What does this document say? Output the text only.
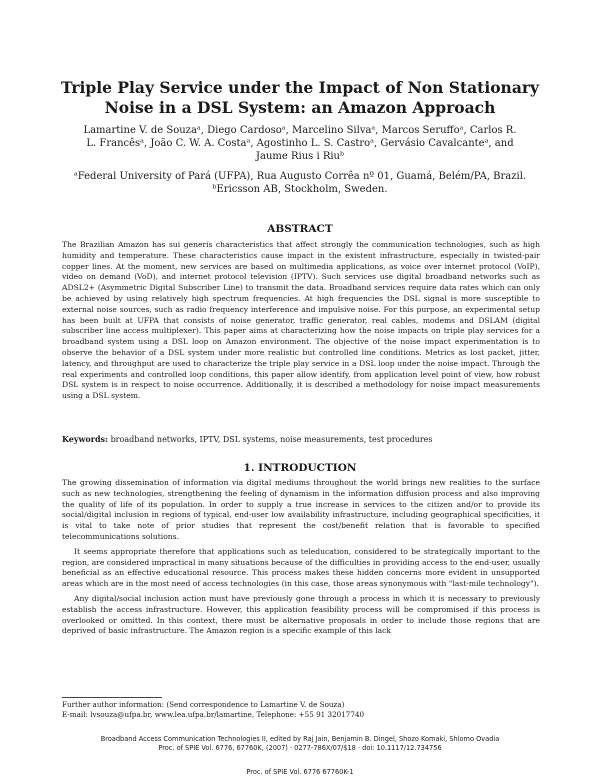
Triple Play Service under the Impact of Non Stationary Noise in a DSL System: an Amazon Approach
Lamartine V. de Souzaᵃ, Diego Cardosoᵃ, Marcelino Silvaᵃ, Marcos Seruffoᵃ, Carlos R. L. Francêsᵃ, João C. W. A. Costaᵃ, Agostinho L. S. Castroᵃ, Gervásio Cavalcanteᵃ, and Jaume Rius i Riuᵇ
ᵃFederal University of Pará (UFPA), Rua Augusto Corrêa nº 01, Guamá, Belém/PA, Brazil.
ᵇEricsson AB, Stockholm, Sweden.
ABSTRACT

The Brazilian Amazon has sui generis characteristics that affect strongly the communication technologies, such as high humidity and temperature. These characteristics cause impact in the existent infrastructure, especially in twisted-pair copper lines. At the moment, new services are based on multimedia applications, as voice over internet protocol (VoIP), video on demand (VoD), and internet protocol television (IPTV). Such services use digital broadband networks such as ADSL2+ (Asymmetric Digital Subscriber Line) to transmit the data. Broadband services require data rates which can only be achieved by using relatively high spectrum frequencies. At high frequencies the DSL signal is more susceptible to external noise sources, such as radio frequency interference and impulsive noise. For this purpose, an experimental setup has been built at UFPA that consists of noise generator, traffic generator, real cables, modems and DSLAM (digital subscriber line access multiplexer). This paper aims at characterizing how the noise impacts on triple play services for a broadband system using a DSL loop on Amazon environment. The objective of the noise impact experimentation is to observe the behavior of a DSL system under more realistic but controlled line conditions. Metrics as lost packet, jitter, latency, and throughput are used to characterize the triple play service in a DSL loop under the noise impact. Through the real experiments and controlled loop conditions, this paper allow identify, from application level point of view, how robust DSL system is in respect to noise occurrence. Additionally, it is described a methodology for noise impact measurements using a DSL system.

Keywords: broadband networks, IPTV, DSL systems, noise measurements, test procedures
1. INTRODUCTION

The growing dissemination of information via digital mediums throughout the world brings new realities to the surface such as new technologies, strengthening the feeling of dynamism in the information diffusion process and also improving the quality of life of its population. In order to supply a true increase in services to the citizen and/or to provide its social/digital inclusion in regions of typical, end-user low availability infrastructure, including geographical specificities, it is vital to take note of prior studies that represent the cost/benefit relation that is favorable to specified telecommunications solutions.

It seems appropriate therefore that applications such as teleducation, considered to be strategically important to the region, are considered impractical in many situations because of the difficulties in providing access to the end-user, usually beneficial as an effective educational resource. This process makes these hidden concerns more evident in unsupported areas which are in the most need of access technologies (in this case, those areas synonymous with "last-mile technology").

Any digital/social inclusion action must have previously gone through a process in which it is necessary to previously establish the access infrastructure. However, this application feasibility process will be compromised if this process is overlooked or omitted. In this context, there must be alternative proposals in order to include those regions that are deprived of basic infrastructure. The Amazon region is a specific example of this lack

Further author information: (Send correspondence to Lamartine V. de Souza)
E-mail: lvsouza@ufpa.br, www.lea.ufpa.br/lamartine, Telephone: +55 91 32017740
Broadband Access Communication Technologies II, edited by Raj Jain, Benjamin B. Dingel, Shozo Komaki, Shlomo Ovadia
Proc. of SPIE Vol. 6776, 67760K, (2007) · 0277-786X/07/$18 · doi: 10.1117/12.734756
Proc. of SPIE Vol. 6776 67760K-1
